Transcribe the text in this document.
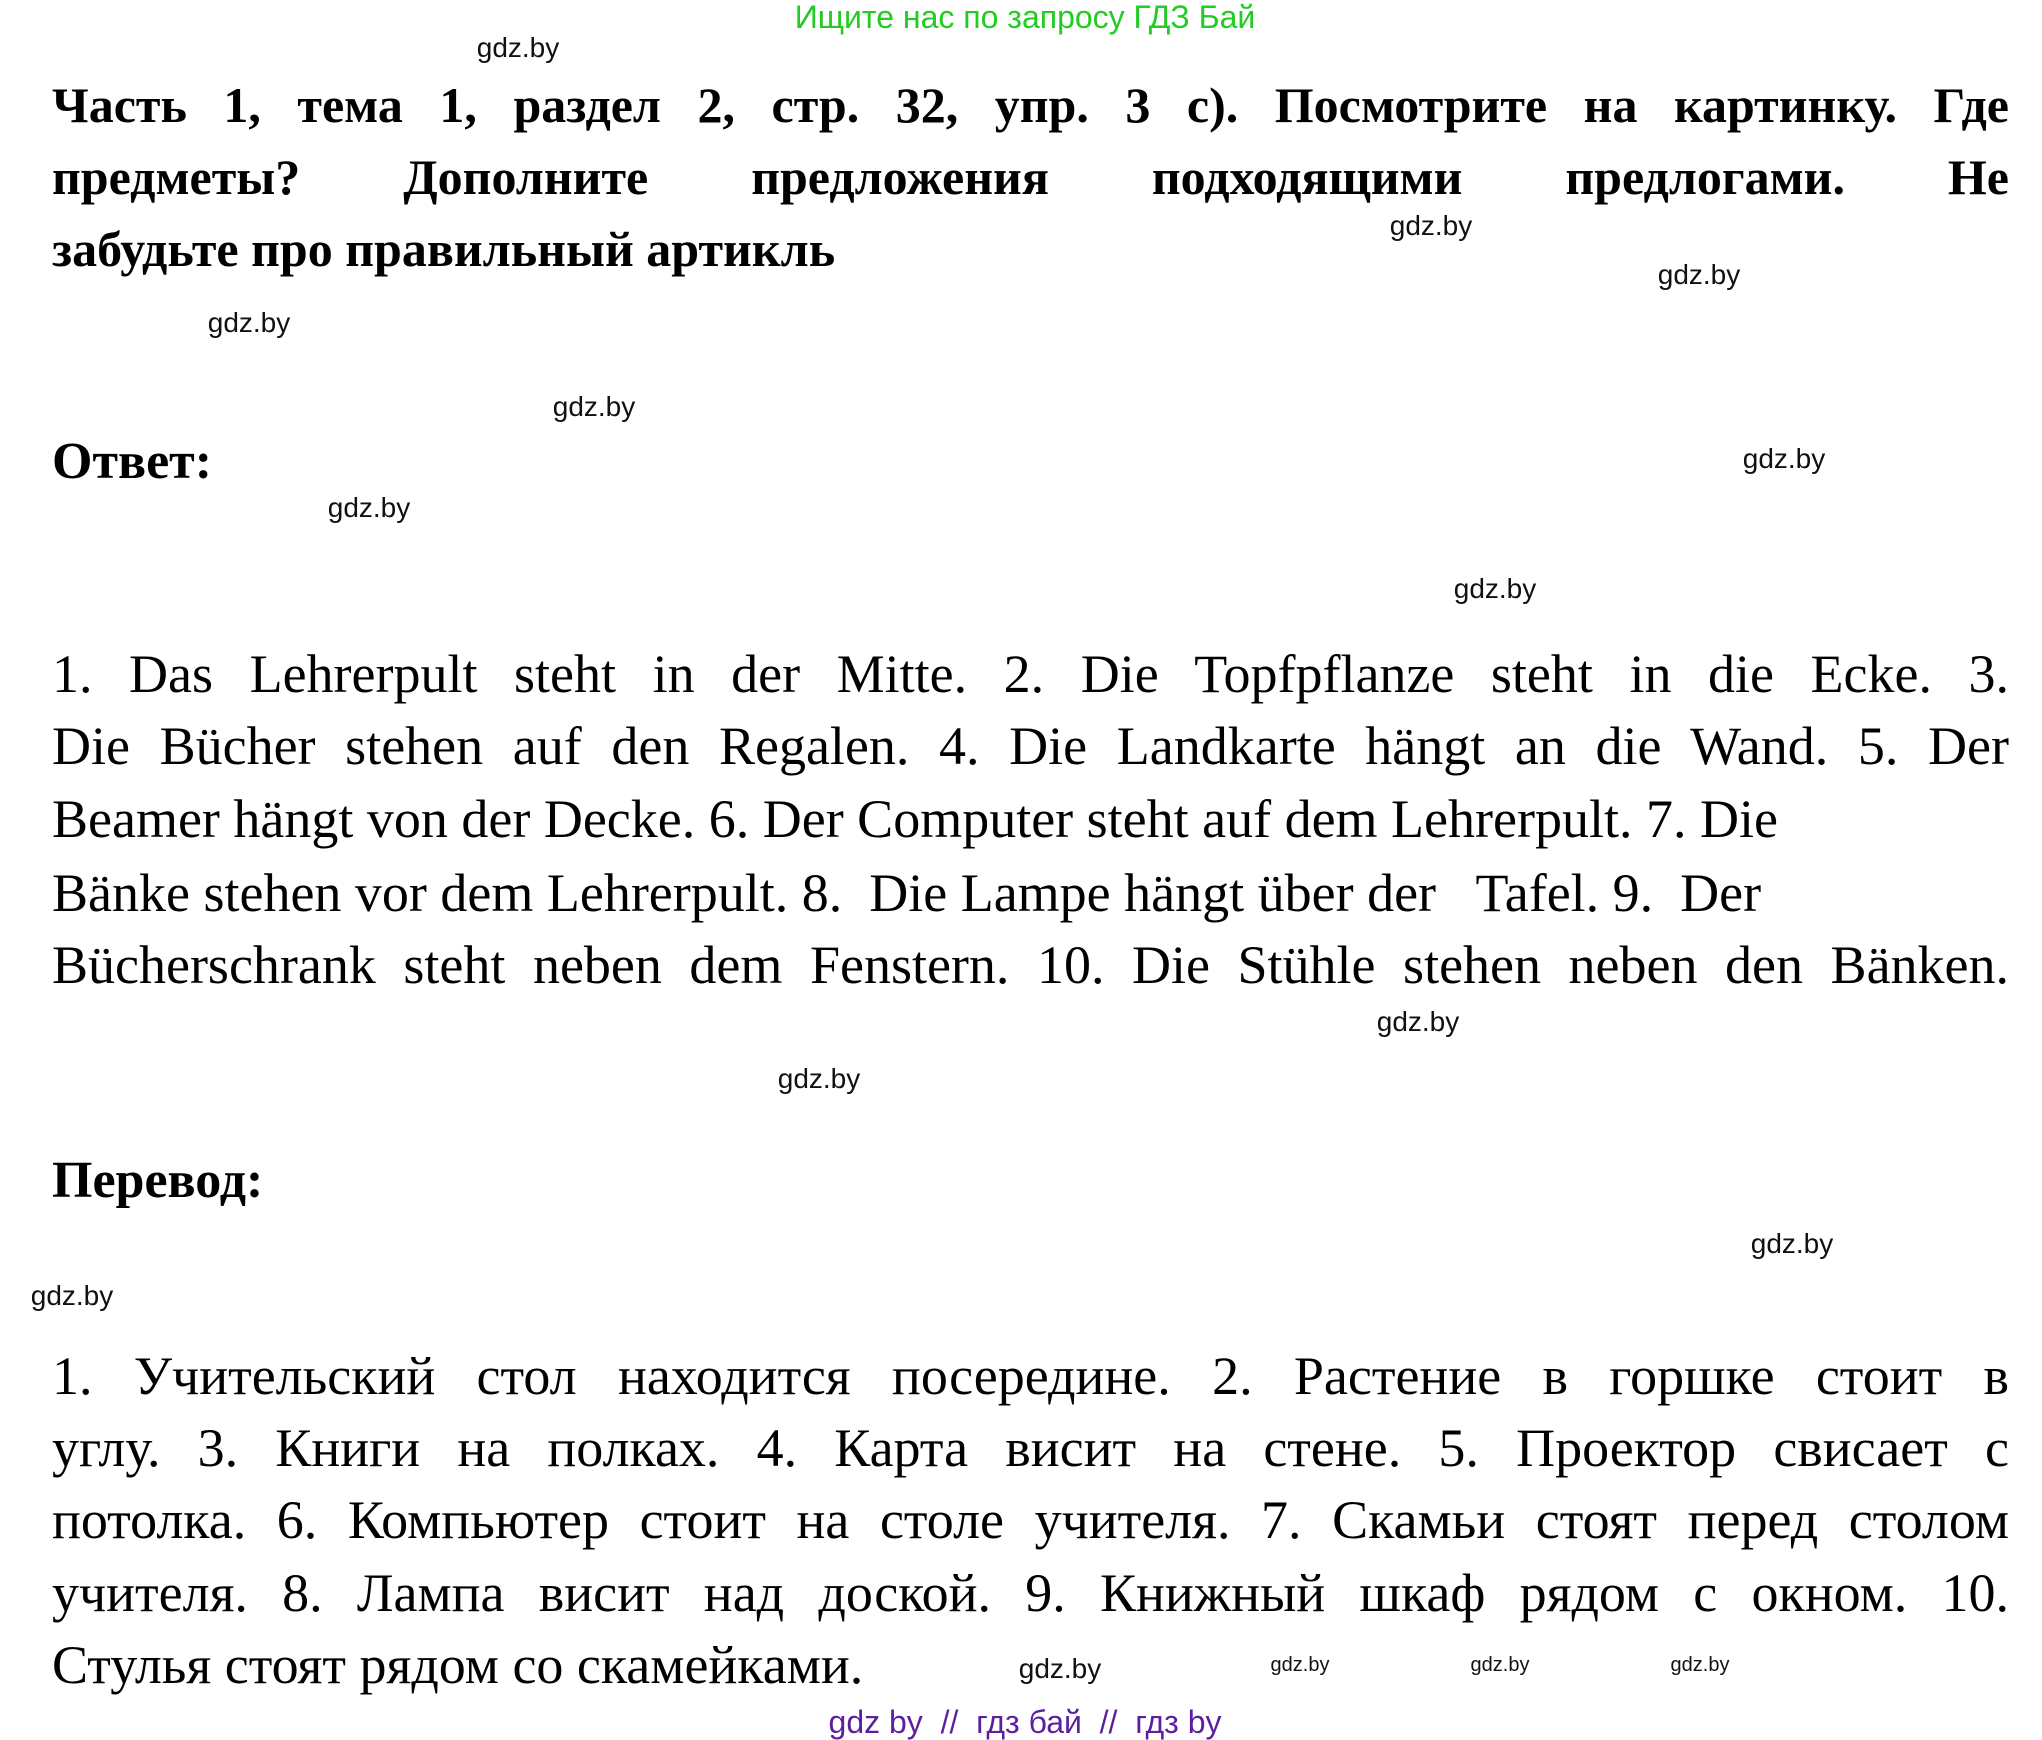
Ищите нас по запросу ГДЗ Бай
Часть 1, тема 1, раздел 2, стр. 32, упр. 3 с). Посмотрите на картинку. Где
предметы? Дополните предложения подходящими предлогами. Не
забудьте про правильный артикль
Ответ:
1. Das Lehrerpult steht in der Mitte. 2. Die Topfpflanze steht in die Ecke. 3.
Die Bücher stehen auf den Regalen. 4. Die Landkarte hängt an die Wand. 5. Der
Beamer hängt von der Decke. 6. Der Computer steht auf dem Lehrerpult. 7. Die
Bänke stehen vor dem Lehrerpult. 8.  Die Lampe hängt über der   Tafel. 9.  Der
Bücherschrank steht neben dem Fenstern. 10. Die Stühle stehen neben den Bänken.
Перевод:
1. Учительский стол находится посередине. 2. Растение в горшке стоит в
углу. 3. Книги на полках. 4. Карта висит на стене. 5. Проектор свисает с
потолка. 6. Компьютер стоит на столе учителя. 7. Скамьи стоят перед столом
учителя. 8. Лампа висит над доской. 9. Книжный шкаф рядом с окном. 10.
Стулья стоят рядом со скамейками.
gdz.by
gdz.by
gdz.by
gdz.by
gdz.by
gdz.by
gdz.by
gdz.by
gdz.by
gdz.by
gdz.by
gdz.by
gdz.by	gdz.by	gdz.by	gdz.by
gdz by  //  гдз бай  //  гдз by
